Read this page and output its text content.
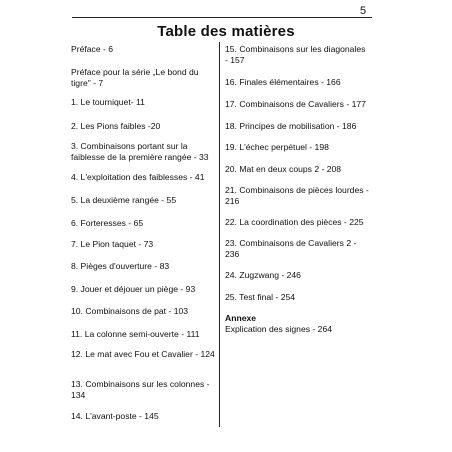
5
Table des matières
Préface - 6
Préface pour la série „Le bond du tigre" - 7
1. Le tourniquet- 11
2. Les Pions faibles -20
3. Combinaisons portant sur la faiblesse de la première rangée - 33
4. L'exploitation des faiblesses - 41
5. La deuxième rangée - 55
6. Forteresses - 65
7. Le Pion taquet - 73
8. Pièges d'ouverture - 83
9. Jouer et déjouer un piège - 93
10. Combinaisons de pat - 103
11. La colonne semi-ouverte - 111
12. Le mat avec Fou et Cavalier - 124
13. Combinaisons sur les colonnes - 134
14. L'avant-poste - 145
15. Combinaisons sur les diagonales - 157
16. Finales élémentaires - 166
17. Combinaisons de Cavaliers - 177
18. Principes de mobilisation - 186
19. L'échec perpétuel - 198
20. Mat en deux coups 2 - 208
21. Combinaisons de pièces lourdes - 216
22. La coordination des pièces - 225
23. Combinaisons de Cavaliers 2 - 236
24. Zugzwang - 246
25. Test final - 254
Annexe
Explication des signes - 264
